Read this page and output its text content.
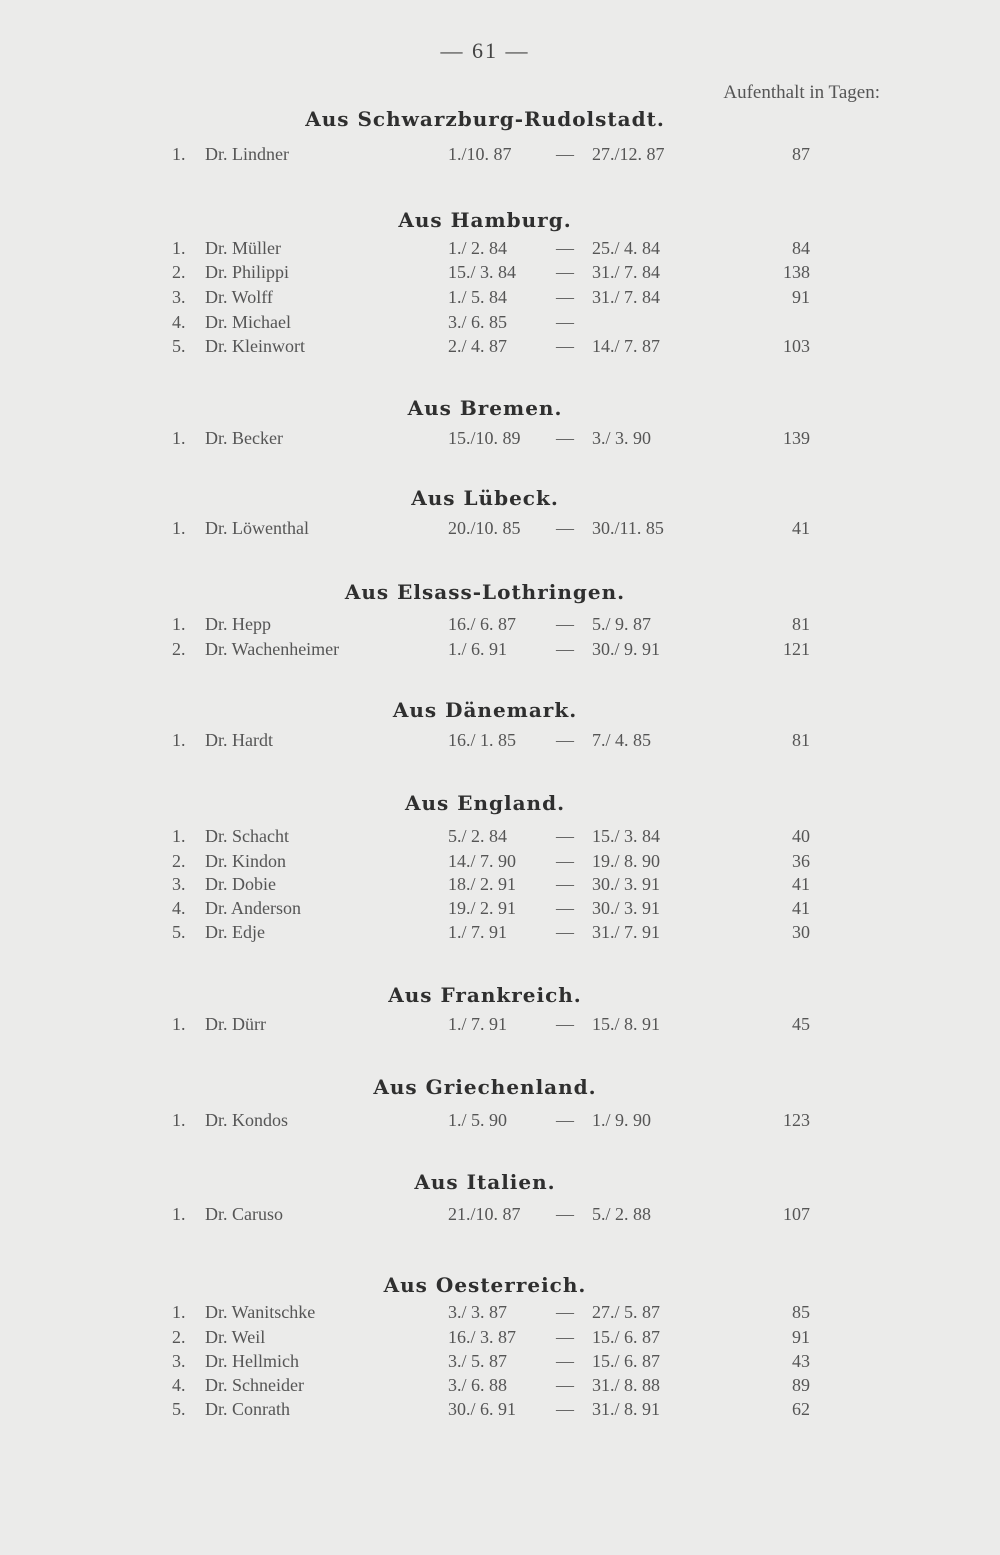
— 61 —
Aufenthalt in Tagen:
Aus Schwarzburg-Rudolstadt.
1. Dr. Lindner	1./10. 87	—	27./12. 87	87
Aus Hamburg.
1. Dr. Müller	1./ 2. 84	—	25./ 4. 84	84
2. Dr. Philippi	15./ 3. 84	—	31./ 7. 84	138
3. Dr. Wolff	1./ 5. 84	—	31./ 7. 84	91
4. Dr. Michael	3./ 6. 85	—
5. Dr. Kleinwort	2./ 4. 87	—	14./ 7. 87	103
Aus Bremen.
1. Dr. Becker	15./10. 89	—	3./ 3. 90	139
Aus Lübeck.
1. Dr. Löwenthal	20./10. 85	—	30./11. 85	41
Aus Elsass-Lothringen.
1. Dr. Hepp	16./ 6. 87	—	5./ 9. 87	81
2. Dr. Wachenheimer	1./ 6. 91	—	30./ 9. 91	121
Aus Dänemark.
1. Dr. Hardt	16./ 1. 85	—	7./ 4. 85	81
Aus England.
1. Dr. Schacht	5./ 2. 84	—	15./ 3. 84	40
2. Dr. Kindon	14./ 7. 90	—	19./ 8. 90	36
3. Dr. Dobie	18./ 2. 91	—	30./ 3. 91	41
4. Dr. Anderson	19./ 2. 91	—	30./ 3. 91	41
5. Dr. Edje	1./ 7. 91	—	31./ 7. 91	30
Aus Frankreich.
1. Dr. Dürr	1./ 7. 91	—	15./ 8. 91	45
Aus Griechenland.
1. Dr. Kondos	1./ 5. 90	—	1./ 9. 90	123
Aus Italien.
1. Dr. Caruso	21./10. 87	—	5./ 2. 88	107
Aus Oesterreich.
1. Dr. Wanitschke	3./ 3. 87	—	27./ 5. 87	85
2. Dr. Weil	16./ 3. 87	—	15./ 6. 87	91
3. Dr. Hellmich	3./ 5. 87	—	15./ 6. 87	43
4. Dr. Schneider	3./ 6. 88	—	31./ 8. 88	89
5. Dr. Conrath	30./ 6. 91	—	31./ 8. 91	62
